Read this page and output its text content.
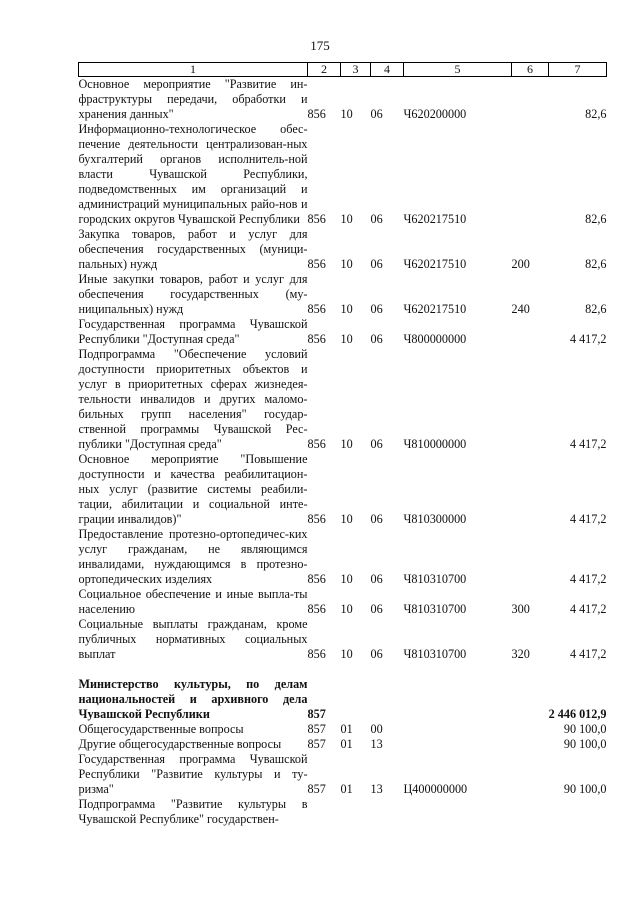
175
1	2	3	4	5	6	7
Основное мероприятие "Развитие ин-фраструктуры передачи, обработки и хранения данных"	856	10	06	Ч620200000		82,6
Информационно-технологическое обес-печение деятельности централизован-ных бухгалтерий органов исполнитель-ной власти Чувашской Республики, подведомственных им организаций и администраций муниципальных райо-нов и городских округов Чувашской Республики	856	10	06	Ч620217510		82,6
Закупка товаров, работ и услуг для обеспечения государственных (муници-пальных) нужд	856	10	06	Ч620217510	200	82,6
Иные закупки товаров, работ и услуг для обеспечения государственных (му-ниципальных) нужд	856	10	06	Ч620217510	240	82,6
Государственная программа Чувашской Республики "Доступная среда"	856	10	06	Ч800000000		4 417,2
Подпрограмма "Обеспечение условий доступности приоритетных объектов и услуг в приоритетных сферах жизнедея-тельности инвалидов и других маломо-бильных групп населения" государ-ственной программы Чувашской Рес-публики "Доступная среда"	856	10	06	Ч810000000		4 417,2
Основное мероприятие "Повышение доступности и качества реабилитацион-ных услуг (развитие системы реабили-тации, абилитации и социальной инте-грации инвалидов)"	856	10	06	Ч810300000		4 417,2
Предоставление протезно-ортопедичес-ких услуг гражданам, не являющимся инвалидами, нуждающимся в протезно-ортопедических изделиях	856	10	06	Ч810310700		4 417,2
Социальное обеспечение и иные выпла-ты населению	856	10	06	Ч810310700	300	4 417,2
Социальные выплаты гражданам, кроме публичных нормативных социальных выплат	856	10	06	Ч810310700	320	4 417,2

Министерство культуры, по делам национальностей и архивного дела Чувашской Республики	857					2 446 012,9
Общегосударственные вопросы	857	01	00			90 100,0
Другие общегосударственные вопросы	857	01	13			90 100,0
Государственная программа Чувашской Республики "Развитие культуры и ту-ризма"	857	01	13	Ц400000000		90 100,0
Подпрограмма "Развитие культуры в Чувашской Республике" государствен-						
